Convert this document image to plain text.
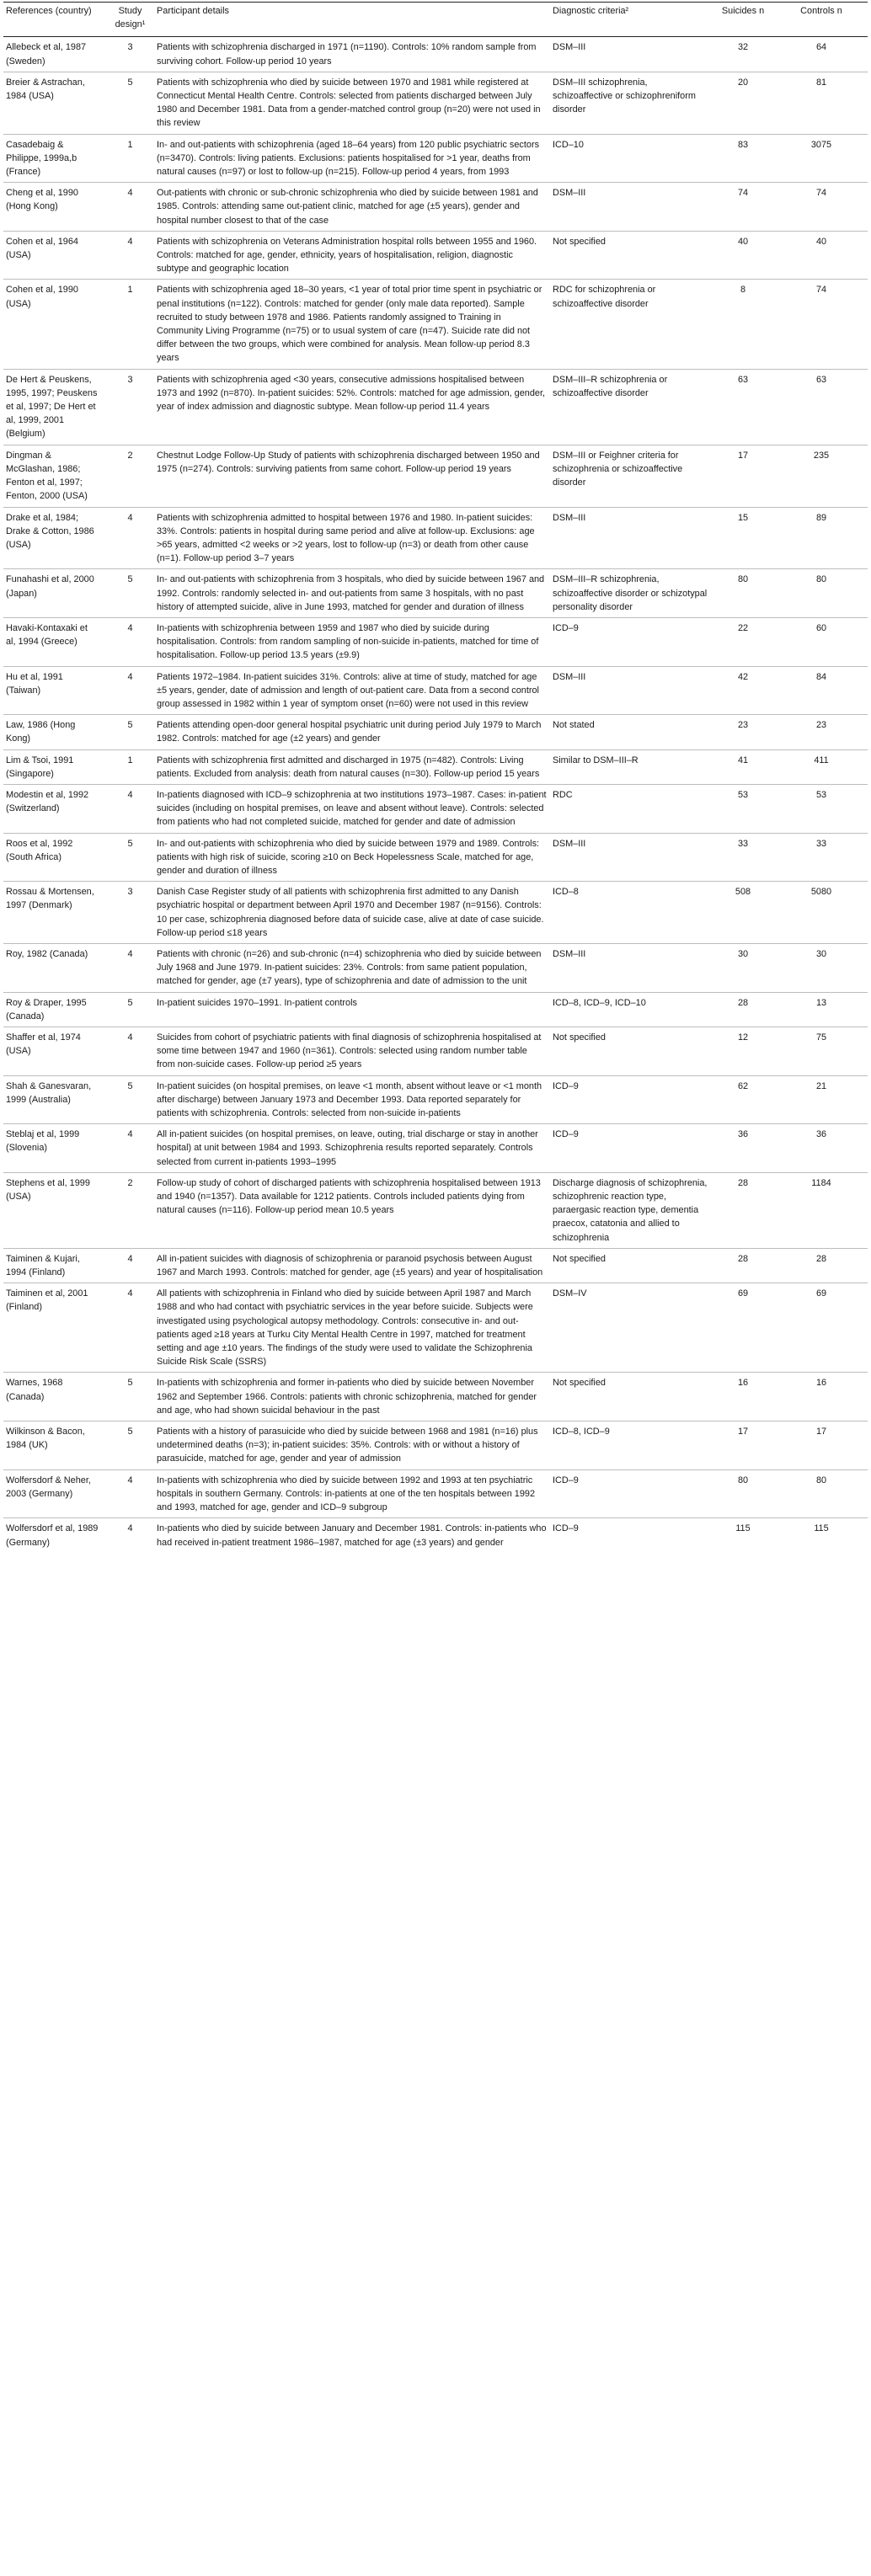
References (country)	Study design¹	Participant details	Diagnostic criteria²	Suicides n	Controls n
Allebeck et al, 1987 (Sweden)	3	Patients with schizophrenia discharged in 1971 (n=1190). Controls: 10% random sample from surviving cohort. Follow-up period 10 years	DSM–III	32	64
Breier & Astrachan, 1984 (USA)	5	Patients with schizophrenia who died by suicide between 1970 and 1981 while registered at Connecticut Mental Health Centre. Controls: selected from patients discharged between July 1980 and December 1981. Data from a gender-matched control group (n=20) were not used in this review	DSM–III schizophrenia, schizoaffective or schizophreniform disorder	20	81
Casadebaig & Philippe, 1999a,b (France)	1	In- and out-patients with schizophrenia (aged 18–64 years) from 120 public psychiatric sectors (n=3470). Controls: living patients. Exclusions: patients hospitalised for >1 year, deaths from natural causes (n=97) or lost to follow-up (n=215). Follow-up period 4 years, from 1993	ICD–10	83	3075
Cheng et al, 1990 (Hong Kong)	4	Out-patients with chronic or sub-chronic schizophrenia who died by suicide between 1981 and 1985. Controls: attending same out-patient clinic, matched for age (±5 years), gender and hospital number closest to that of the case	DSM–III	74	74
Cohen et al, 1964 (USA)	4	Patients with schizophrenia on Veterans Administration hospital rolls between 1955 and 1960. Controls: matched for age, gender, ethnicity, years of hospitalisation, religion, diagnostic subtype and geographic location	Not specified	40	40
Cohen et al, 1990 (USA)	1	Patients with schizophrenia aged 18–30 years, <1 year of total prior time spent in psychiatric or penal institutions (n=122). Controls: matched for gender (only male data reported). Sample recruited to study between 1978 and 1986. Patients randomly assigned to Training in Community Living Programme (n=75) or to usual system of care (n=47). Suicide rate did not differ between the two groups, which were combined for analysis. Mean follow-up period 8.3 years	RDC for schizophrenia or schizoaffective disorder	8	74
De Hert & Peuskens, 1995, 1997; Peuskens et al, 1997; De Hert et al, 1999, 2001 (Belgium)	3	Patients with schizophrenia aged <30 years, consecutive admissions hospitalised between 1973 and 1992 (n=870). In-patient suicides: 52%. Controls: matched for age admission, gender, year of index admission and diagnostic subtype. Mean follow-up period 11.4 years	DSM–III–R schizophrenia or schizoaffective disorder	63	63
Dingman & McGlashan, 1986; Fenton et al, 1997; Fenton, 2000 (USA)	2	Chestnut Lodge Follow-Up Study of patients with schizophrenia discharged between 1950 and 1975 (n=274). Controls: surviving patients from same cohort. Follow-up period 19 years	DSM–III or Feighner criteria for schizophrenia or schizoaffective disorder	17	235
Drake et al, 1984; Drake & Cotton, 1986 (USA)	4	Patients with schizophrenia admitted to hospital between 1976 and 1980. In-patient suicides: 33%. Controls: patients in hospital during same period and alive at follow-up. Exclusions: age >65 years, admitted <2 weeks or >2 years, lost to follow-up (n=3) or death from other cause (n=1). Follow-up period 3–7 years	DSM–III	15	89
Funahashi et al, 2000 (Japan)	5	In- and out-patients with schizophrenia from 3 hospitals, who died by suicide between 1967 and 1992. Controls: randomly selected in- and out-patients from same 3 hospitals, with no past history of attempted suicide, alive in June 1993, matched for gender and duration of illness	DSM–III–R schizophrenia, schizoaffective disorder or schizotypal personality disorder	80	80
Havaki-Kontaxaki et al, 1994 (Greece)	4	In-patients with schizophrenia between 1959 and 1987 who died by suicide during hospitalisation. Controls: from random sampling of non-suicide in-patients, matched for time of hospitalisation. Follow-up period 13.5 years (±9.9)	ICD–9	22	60
Hu et al, 1991 (Taiwan)	4	Patients 1972–1984. In-patient suicides 31%. Controls: alive at time of study, matched for age ±5 years, gender, date of admission and length of out-patient care. Data from a second control group assessed in 1982 within 1 year of symptom onset (n=60) were not used in this review	DSM–III	42	84
Law, 1986 (Hong Kong)	5	Patients attending open-door general hospital psychiatric unit during period July 1979 to March 1982. Controls: matched for age (±2 years) and gender	Not stated	23	23
Lim & Tsoi, 1991 (Singapore)	1	Patients with schizophrenia first admitted and discharged in 1975 (n=482). Controls: Living patients. Excluded from analysis: death from natural causes (n=30). Follow-up period 15 years	Similar to DSM–III–R	41	411
Modestin et al, 1992 (Switzerland)	4	In-patients diagnosed with ICD–9 schizophrenia at two institutions 1973–1987. Cases: in-patient suicides (including on hospital premises, on leave and absent without leave). Controls: selected from patients who had not completed suicide, matched for gender and date of admission	RDC	53	53
Roos et al, 1992 (South Africa)	5	In- and out-patients with schizophrenia who died by suicide between 1979 and 1989. Controls: patients with high risk of suicide, scoring ≥10 on Beck Hopelessness Scale, matched for age, gender and duration of illness	DSM–III	33	33
Rossau & Mortensen, 1997 (Denmark)	3	Danish Case Register study of all patients with schizophrenia first admitted to any Danish psychiatric hospital or department between April 1970 and December 1987 (n=9156). Controls: 10 per case, schizophrenia diagnosed before data of suicide case, alive at date of case suicide. Follow-up period ≤18 years	ICD–8	508	5080
Roy, 1982 (Canada)	4	Patients with chronic (n=26) and sub-chronic (n=4) schizophrenia who died by suicide between July 1968 and June 1979. In-patient suicides: 23%. Controls: from same patient population, matched for gender, age (±7 years), type of schizophrenia and date of admission to the unit	DSM–III	30	30
Roy & Draper, 1995 (Canada)	5	In-patient suicides 1970–1991. In-patient controls	ICD–8, ICD–9, ICD–10	28	13
Shaffer et al, 1974 (USA)	4	Suicides from cohort of psychiatric patients with final diagnosis of schizophrenia hospitalised at some time between 1947 and 1960 (n=361). Controls: selected using random number table from non-suicide cases. Follow-up period ≥5 years	Not specified	12	75
Shah & Ganesvaran, 1999 (Australia)	5	In-patient suicides (on hospital premises, on leave <1 month, absent without leave or <1 month after discharge) between January 1973 and December 1993. Data reported separately for patients with schizophrenia. Controls: selected from non-suicide in-patients	ICD–9	62	21
Steblaj et al, 1999 (Slovenia)	4	All in-patient suicides (on hospital premises, on leave, outing, trial discharge or stay in another hospital) at unit between 1984 and 1993. Schizophrenia results reported separately. Controls selected from current in-patients 1993–1995	ICD–9	36	36
Stephens et al, 1999 (USA)	2	Follow-up study of cohort of discharged patients with schizophrenia hospitalised between 1913 and 1940 (n=1357). Data available for 1212 patients. Controls included patients dying from natural causes (n=116). Follow-up period mean 10.5 years	Discharge diagnosis of schizophrenia, schizophrenic reaction type, paraergasic reaction type, dementia praecox, catatonia and allied to schizophrenia	28	1184
Taiminen & Kujari, 1994 (Finland)	4	All in-patient suicides with diagnosis of schizophrenia or paranoid psychosis between August 1967 and March 1993. Controls: matched for gender, age (±5 years) and year of hospitalisation	Not specified	28	28
Taiminen et al, 2001 (Finland)	4	All patients with schizophrenia in Finland who died by suicide between April 1987 and March 1988 and who had contact with psychiatric services in the year before suicide. Subjects were investigated using psychological autopsy methodology. Controls: consecutive in- and out-patients aged ≥18 years at Turku City Mental Health Centre in 1997, matched for treatment setting and age ±10 years. The findings of the study were used to validate the Schizophrenia Suicide Risk Scale (SSRS)	DSM–IV	69	69
Warnes, 1968 (Canada)	5	In-patients with schizophrenia and former in-patients who died by suicide between November 1962 and September 1966. Controls: patients with chronic schizophrenia, matched for gender and age, who had shown suicidal behaviour in the past	Not specified	16	16
Wilkinson & Bacon, 1984 (UK)	5	Patients with a history of parasuicide who died by suicide between 1968 and 1981 (n=16) plus undetermined deaths (n=3); in-patient suicides: 35%. Controls: with or without a history of parasuicide, matched for age, gender and year of admission	ICD–8, ICD–9	17	17
Wolfersdorf & Neher, 2003 (Germany)	4	In-patients with schizophrenia who died by suicide between 1992 and 1993 at ten psychiatric hospitals in southern Germany. Controls: in-patients at one of the ten hospitals between 1992 and 1993, matched for age, gender and ICD–9 subgroup	ICD–9	80	80
Wolfersdorf et al, 1989 (Germany)	4	In-patients who died by suicide between January and December 1981. Controls: in-patients who had received in-patient treatment 1986–1987, matched for age (±3 years) and gender	ICD–9	115	115
